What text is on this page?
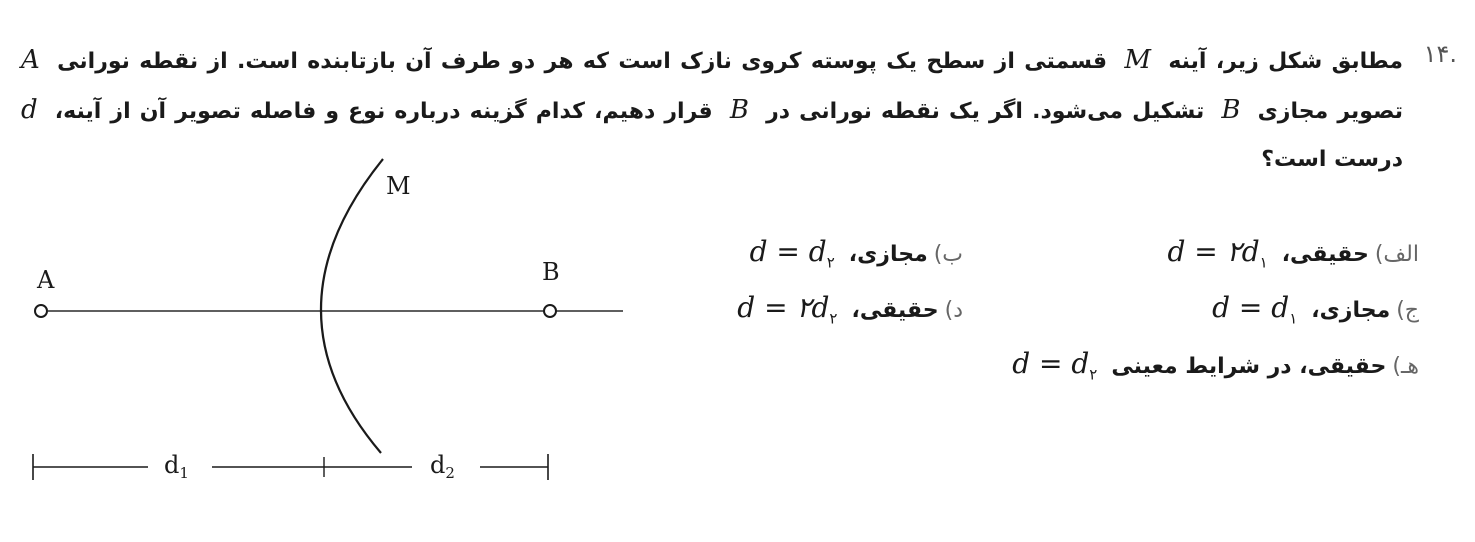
۱۴.
مطابق شکل زیر، آینه M قسمتی از سطح یک پوسته کروی نازک است که هر دو طرف آن بازتابنده است. از نقطه نورانی A تصویر مجازی B تشکیل می‌شود. اگر یک نقطه نورانی در B قرار دهیم، کدام گزینه درباره نوع و فاصله تصویر آن از آینه، d درست است؟
الف)حقیقی،d = $۲d_۱$
ب)مجازی،d = $d_۲$
ج)مجازی،d = $d_۱$
د)حقیقی،d = $۲d_۲$
هـ)حقیقی، در شرایط معینیd = $d_۲$
A	B
M
$d_1$	$d_2$
